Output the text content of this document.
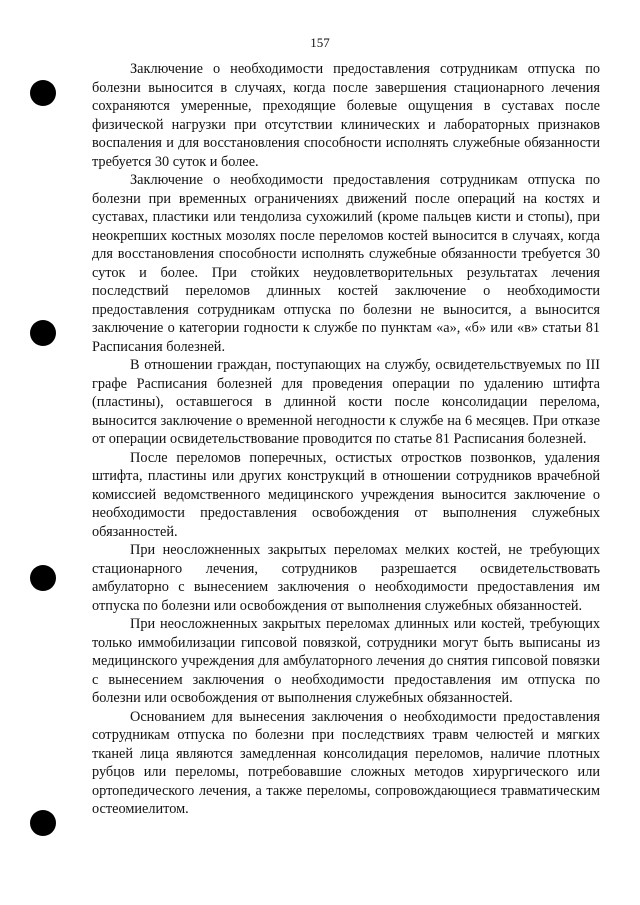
157

Заключение о необходимости предоставления сотрудникам отпуска по болезни выносится в случаях, когда после завершения стационарного лечения сохраняются умеренные, преходящие болевые ощущения в суставах после физической нагрузки при отсутствии клинических и лабораторных признаков воспаления и для восстановления способности исполнять служебные обязанности требуется 30 суток и более.

Заключение о необходимости предоставления сотрудникам отпуска по болезни при временных ограничениях движений после операций на костях и суставах, пластики или тендолиза сухожилий (кроме пальцев кисти и стопы), при неокрепших костных мозолях после переломов костей выносится в случаях, когда для восстановления способности исполнять служебные обязанности требуется 30 суток и более. При стойких неудовлетворительных результатах лечения последствий переломов длинных костей заключение о необходимости предоставления сотрудникам отпуска по болезни не выносится, а выносится заключение о категории годности к службе по пунктам «а», «б» или «в» статьи 81 Расписания болезней.

В отношении граждан, поступающих на службу, освидетельствуемых по III графе Расписания болезней для проведения операции по удалению штифта (пластины), оставшегося в длинной кости после консолидации перелома, выносится заключение о временной негодности к службе на 6 месяцев. При отказе от операции освидетельствование проводится по статье 81 Расписания болезней.

После переломов поперечных, остистых отростков позвонков, удаления штифта, пластины или других конструкций в отношении сотрудников врачебной комиссией ведомственного медицинского учреждения выносится заключение о необходимости предоставления освобождения от выполнения служебных обязанностей.

При неосложненных закрытых переломах мелких костей, не требующих стационарного лечения, сотрудников разрешается освидетельствовать амбулаторно с вынесением заключения о необходимости предоставления им отпуска по болезни или освобождения от выполнения служебных обязанностей.

При неосложненных закрытых переломах длинных или костей, требующих только иммобилизации гипсовой повязкой, сотрудники могут быть выписаны из медицинского учреждения для амбулаторного лечения до снятия гипсовой повязки с вынесением заключения о необходимости предоставления им отпуска по болезни или освобождения от выполнения служебных обязанностей.

Основанием для вынесения заключения о необходимости предоставления сотрудникам отпуска по болезни при последствиях травм челюстей и мягких тканей лица являются замедленная консолидация переломов, наличие плотных рубцов или переломы, потребовавшие сложных методов хирургического или ортопедического лечения, а также переломы, сопровождающиеся травматическим остеомиелитом.
